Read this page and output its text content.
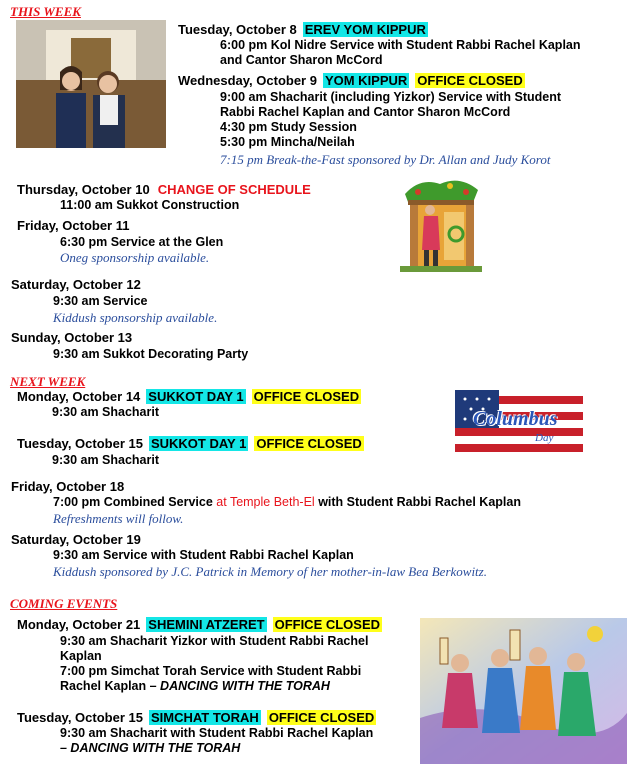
THIS WEEK
Tuesday, October 8 EREV YOM KIPPUR
6:00 pm Kol Nidre Service with Student Rabbi Rachel Kaplan
and Cantor Sharon McCord
Wednesday, October 9 YOM KIPPUR OFFICE CLOSED
9:00 am Shacharit (including Yizkor) Service with Student
Rabbi Rachel Kaplan and Cantor Sharon McCord
4:30 pm Study Session
5:30 pm Mincha/Neilah
7:15 pm Break-the-Fast sponsored by Dr. Allan and Judy Korot
Thursday, October 10 CHANGE OF SCHEDULE
11:00 am Sukkot Construction
Friday, October 11
6:30 pm Service at the Glen
Oneg sponsorship available.
Saturday, October 12
9:30 am Service
Kiddush sponsorship available.
Sunday, October 13
9:30 am Sukkot Decorating Party
NEXT WEEK
Monday, October 14 SUKKOT DAY 1 OFFICE CLOSED
9:30 am Shacharit	Columbus
Day
Tuesday, October 15 SUKKOT DAY 1 OFFICE CLOSED
9:30 am Shacharit
Friday, October 18
7:00 pm Combined Service at Temple Beth-El with Student Rabbi Rachel Kaplan
Refreshments will follow.
Saturday, October 19
9:30 am Service with Student Rabbi Rachel Kaplan
Kiddush sponsored by J.C. Patrick in Memory of her mother-in-law Bea Berkowitz.
COMING EVENTS
Monday, October 21 SHEMINI ATZERET OFFICE CLOSED
9:30 am Shacharit Yizkor with Student Rabbi Rachel
Kaplan
7:00 pm Simchat Torah Service with Student Rabbi
Rachel Kaplan – DANCING WITH THE TORAH
Tuesday, October 15 SIMCHAT TORAH OFFICE CLOSED
9:30 am Shacharit with Student Rabbi Rachel Kaplan
– DANCING WITH THE TORAH
